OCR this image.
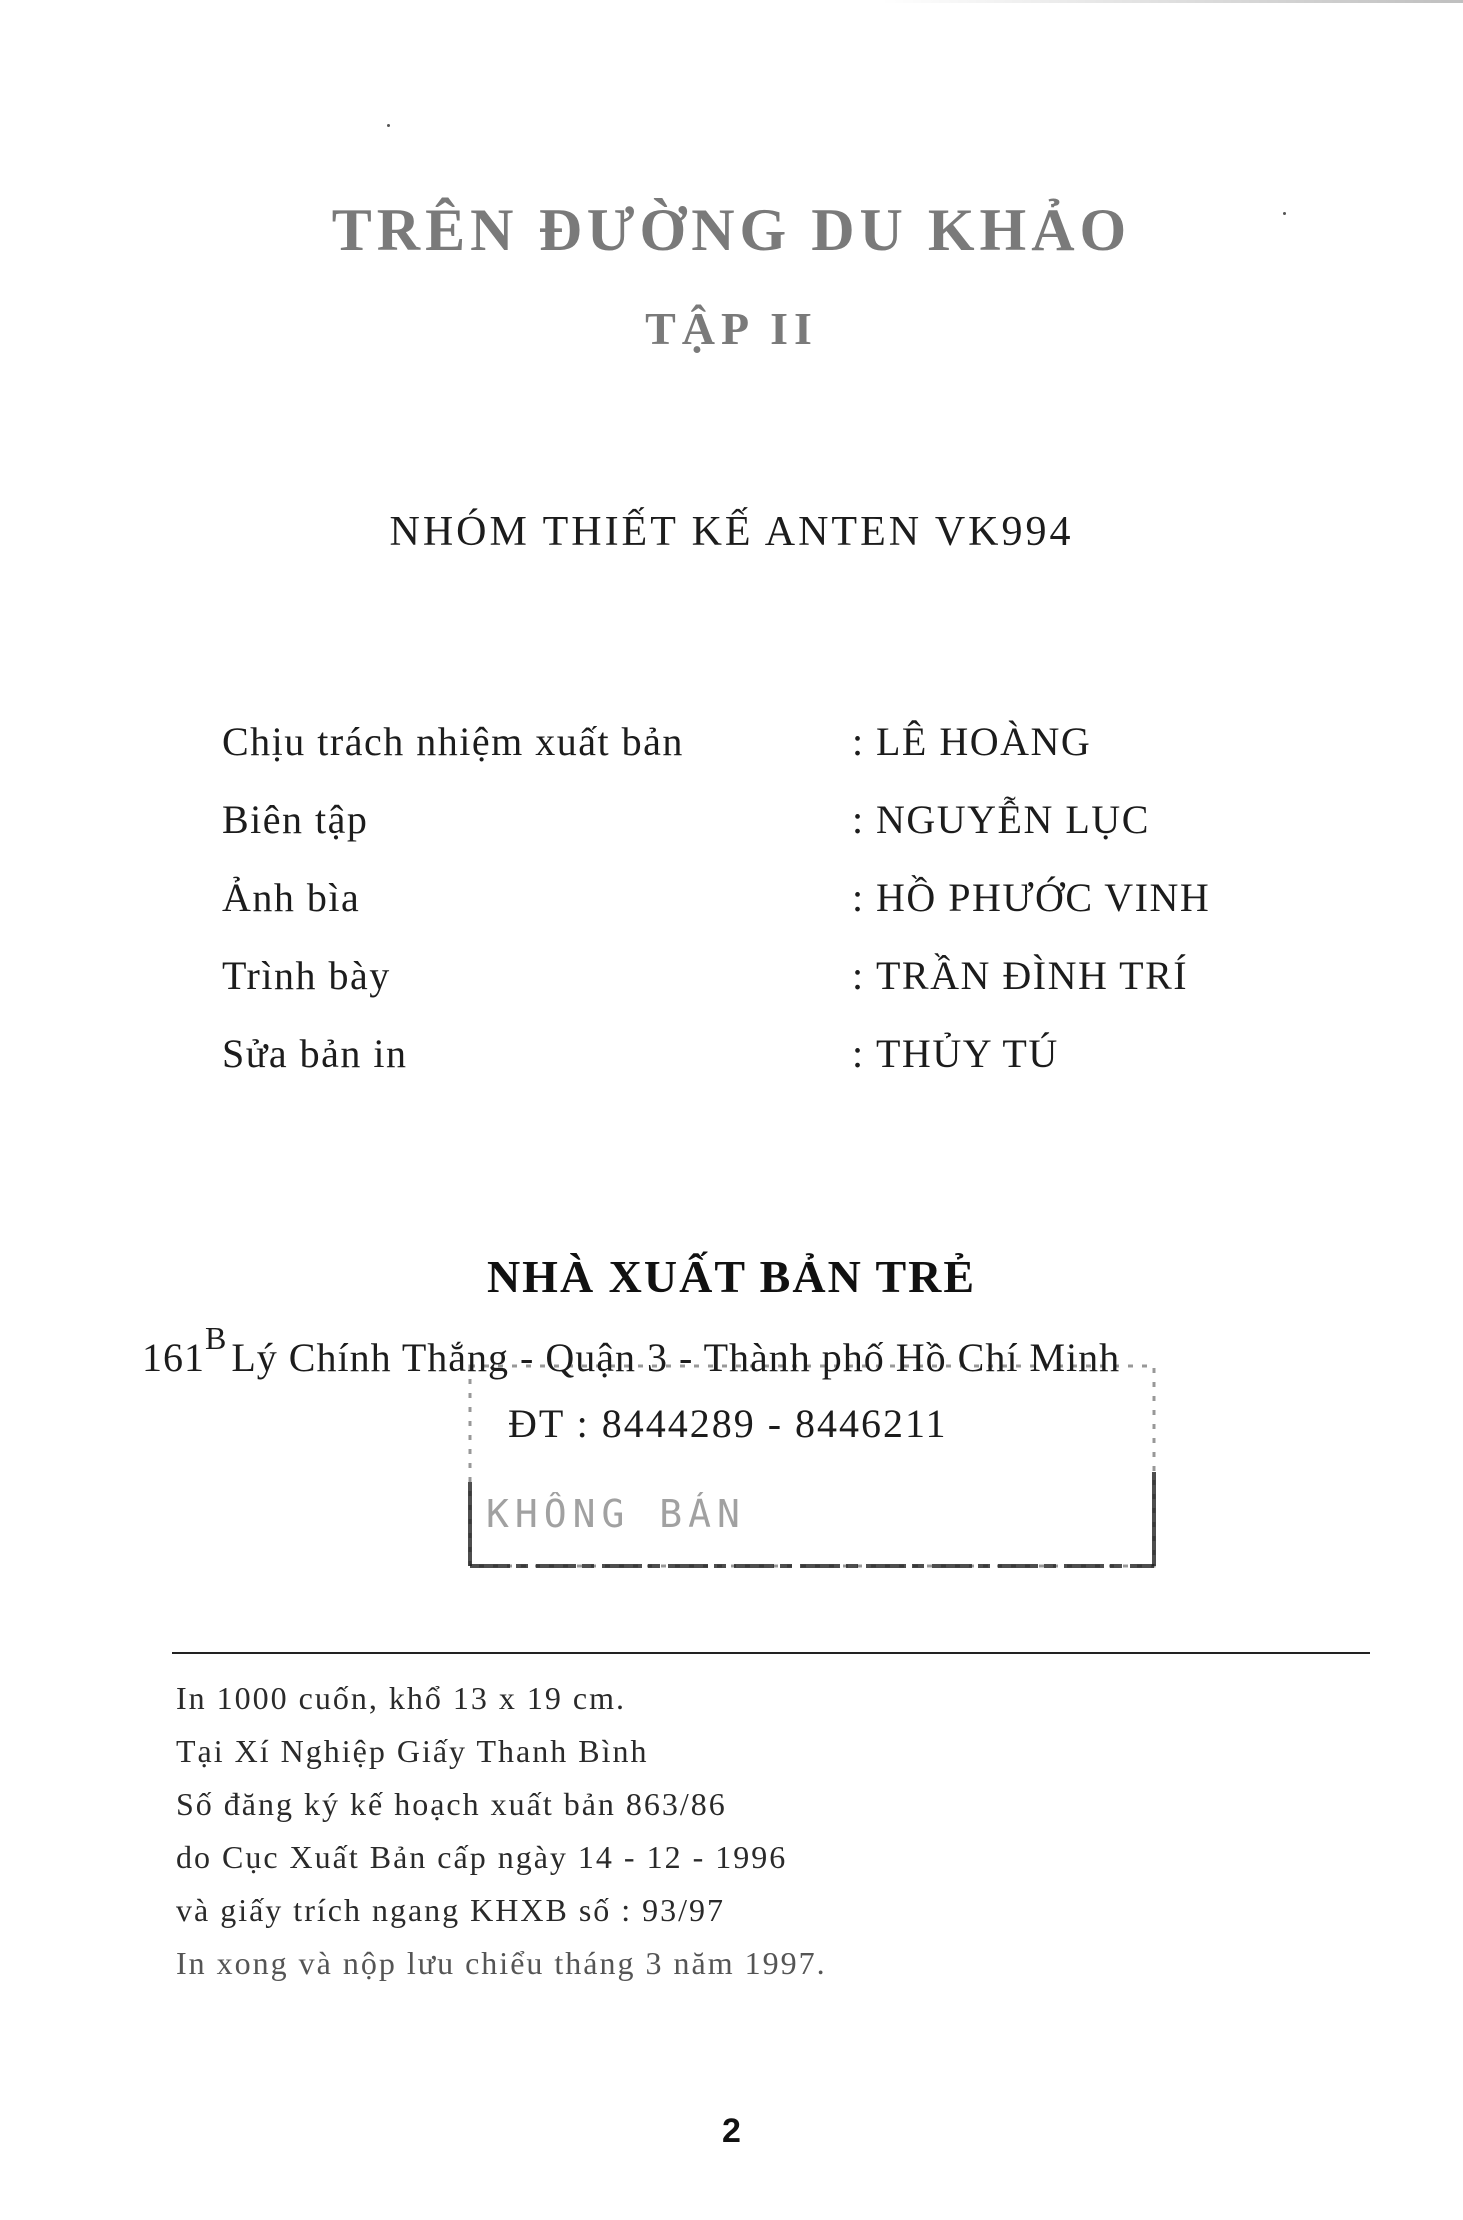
TRÊN ĐƯỜNG DU KHẢO
TẬP II
NHÓM THIẾT KẾ ANTEN VK994
Chịu trách nhiệm xuất bản	: LÊ HOÀNG
Biên tập	: NGUYỄN LỤC
Ảnh bìa	: HỒ PHƯỚC VINH
Trình bày	: TRẦN ĐÌNH TRÍ
Sửa bản in	: THỦY TÚ
NHÀ XUẤT BẢN TRẺ
KHÔNG BÁN
$161^B$ Lý Chính Thắng - Quận 3 - Thành phố Hồ Chí Minh
ĐT : 8444289 - 8446211
In 1000 cuốn, khổ 13 x 19 cm.
Tại Xí Nghiệp Giấy Thanh Bình
Số đăng ký kế hoạch xuất bản 863/86
do Cục Xuất Bản cấp ngày 14 - 12 - 1996
và giấy trích ngang KHXB số : 93/97
In xong và nộp lưu chiểu tháng 3 năm 1997.
2
